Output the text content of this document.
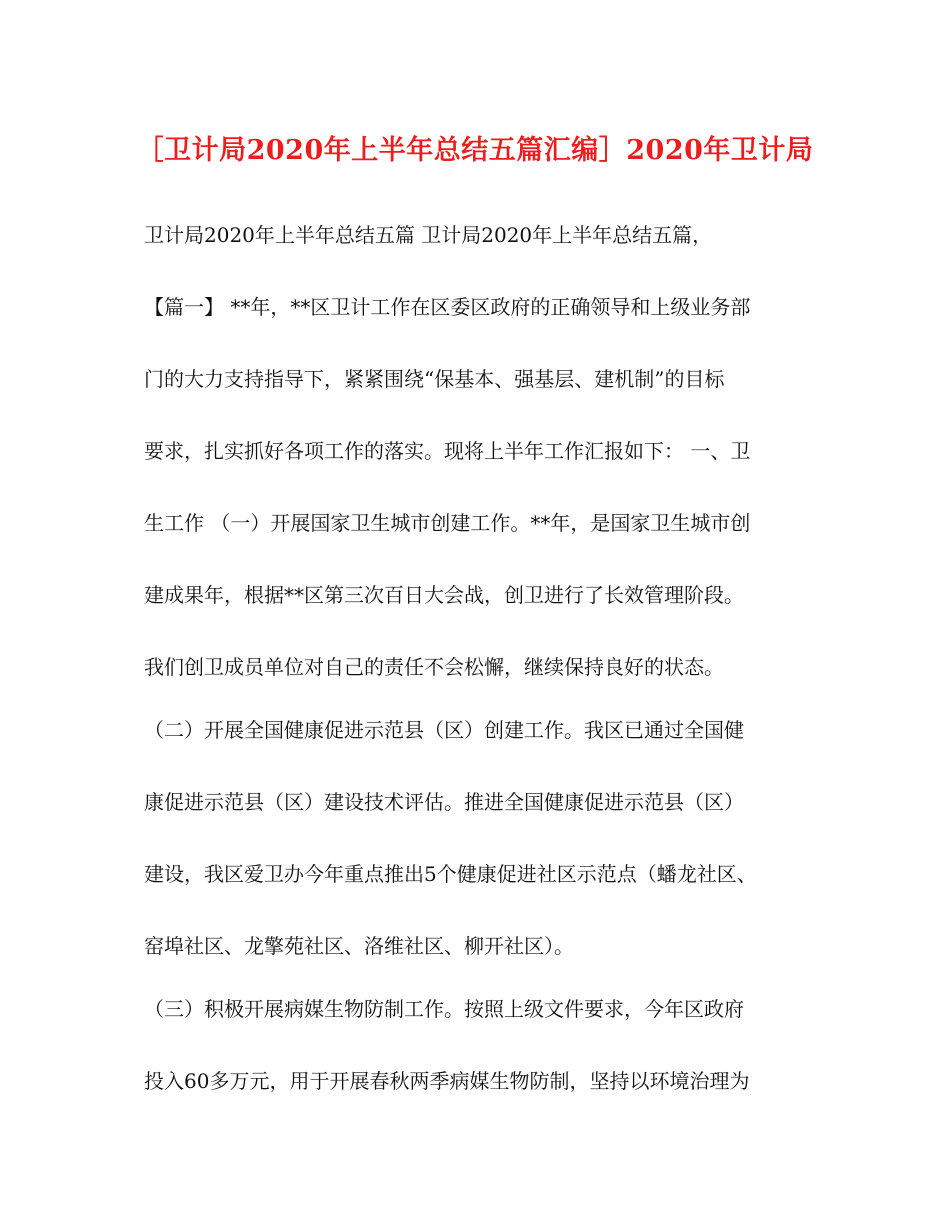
［卫计局2020年上半年总结五篇汇编］2020年卫计局
卫计局2020年上半年总结五篇 卫计局2020年上半年总结五篇，
【篇一】 **年，**区卫计工作在区委区政府的正确领导和上级业务部
门的大力支持指导下，紧紧围绕“保基本、强基层、建机制”的目标
要求，扎实抓好各项工作的落实。现将上半年工作汇报如下： 一、卫
生工作 （一）开展国家卫生城市创建工作。**年，是国家卫生城市创
建成果年，根据**区第三次百日大会战，创卫进行了长效管理阶段。
我们创卫成员单位对自己的责任不会松懈，继续保持良好的状态。
（二）开展全国健康促进示范县（区）创建工作。我区已通过全国健
康促进示范县（区）建设技术评估。推进全国健康促进示范县（区）
建设，我区爱卫办今年重点推出5个健康促进社区示范点（蟠龙社区、
窑埠社区、龙擎苑社区、洛维社区、柳开社区）。
（三）积极开展病媒生物防制工作。按照上级文件要求，今年区政府
投入60多万元，用于开展春秋两季病媒生物防制，坚持以环境治理为
